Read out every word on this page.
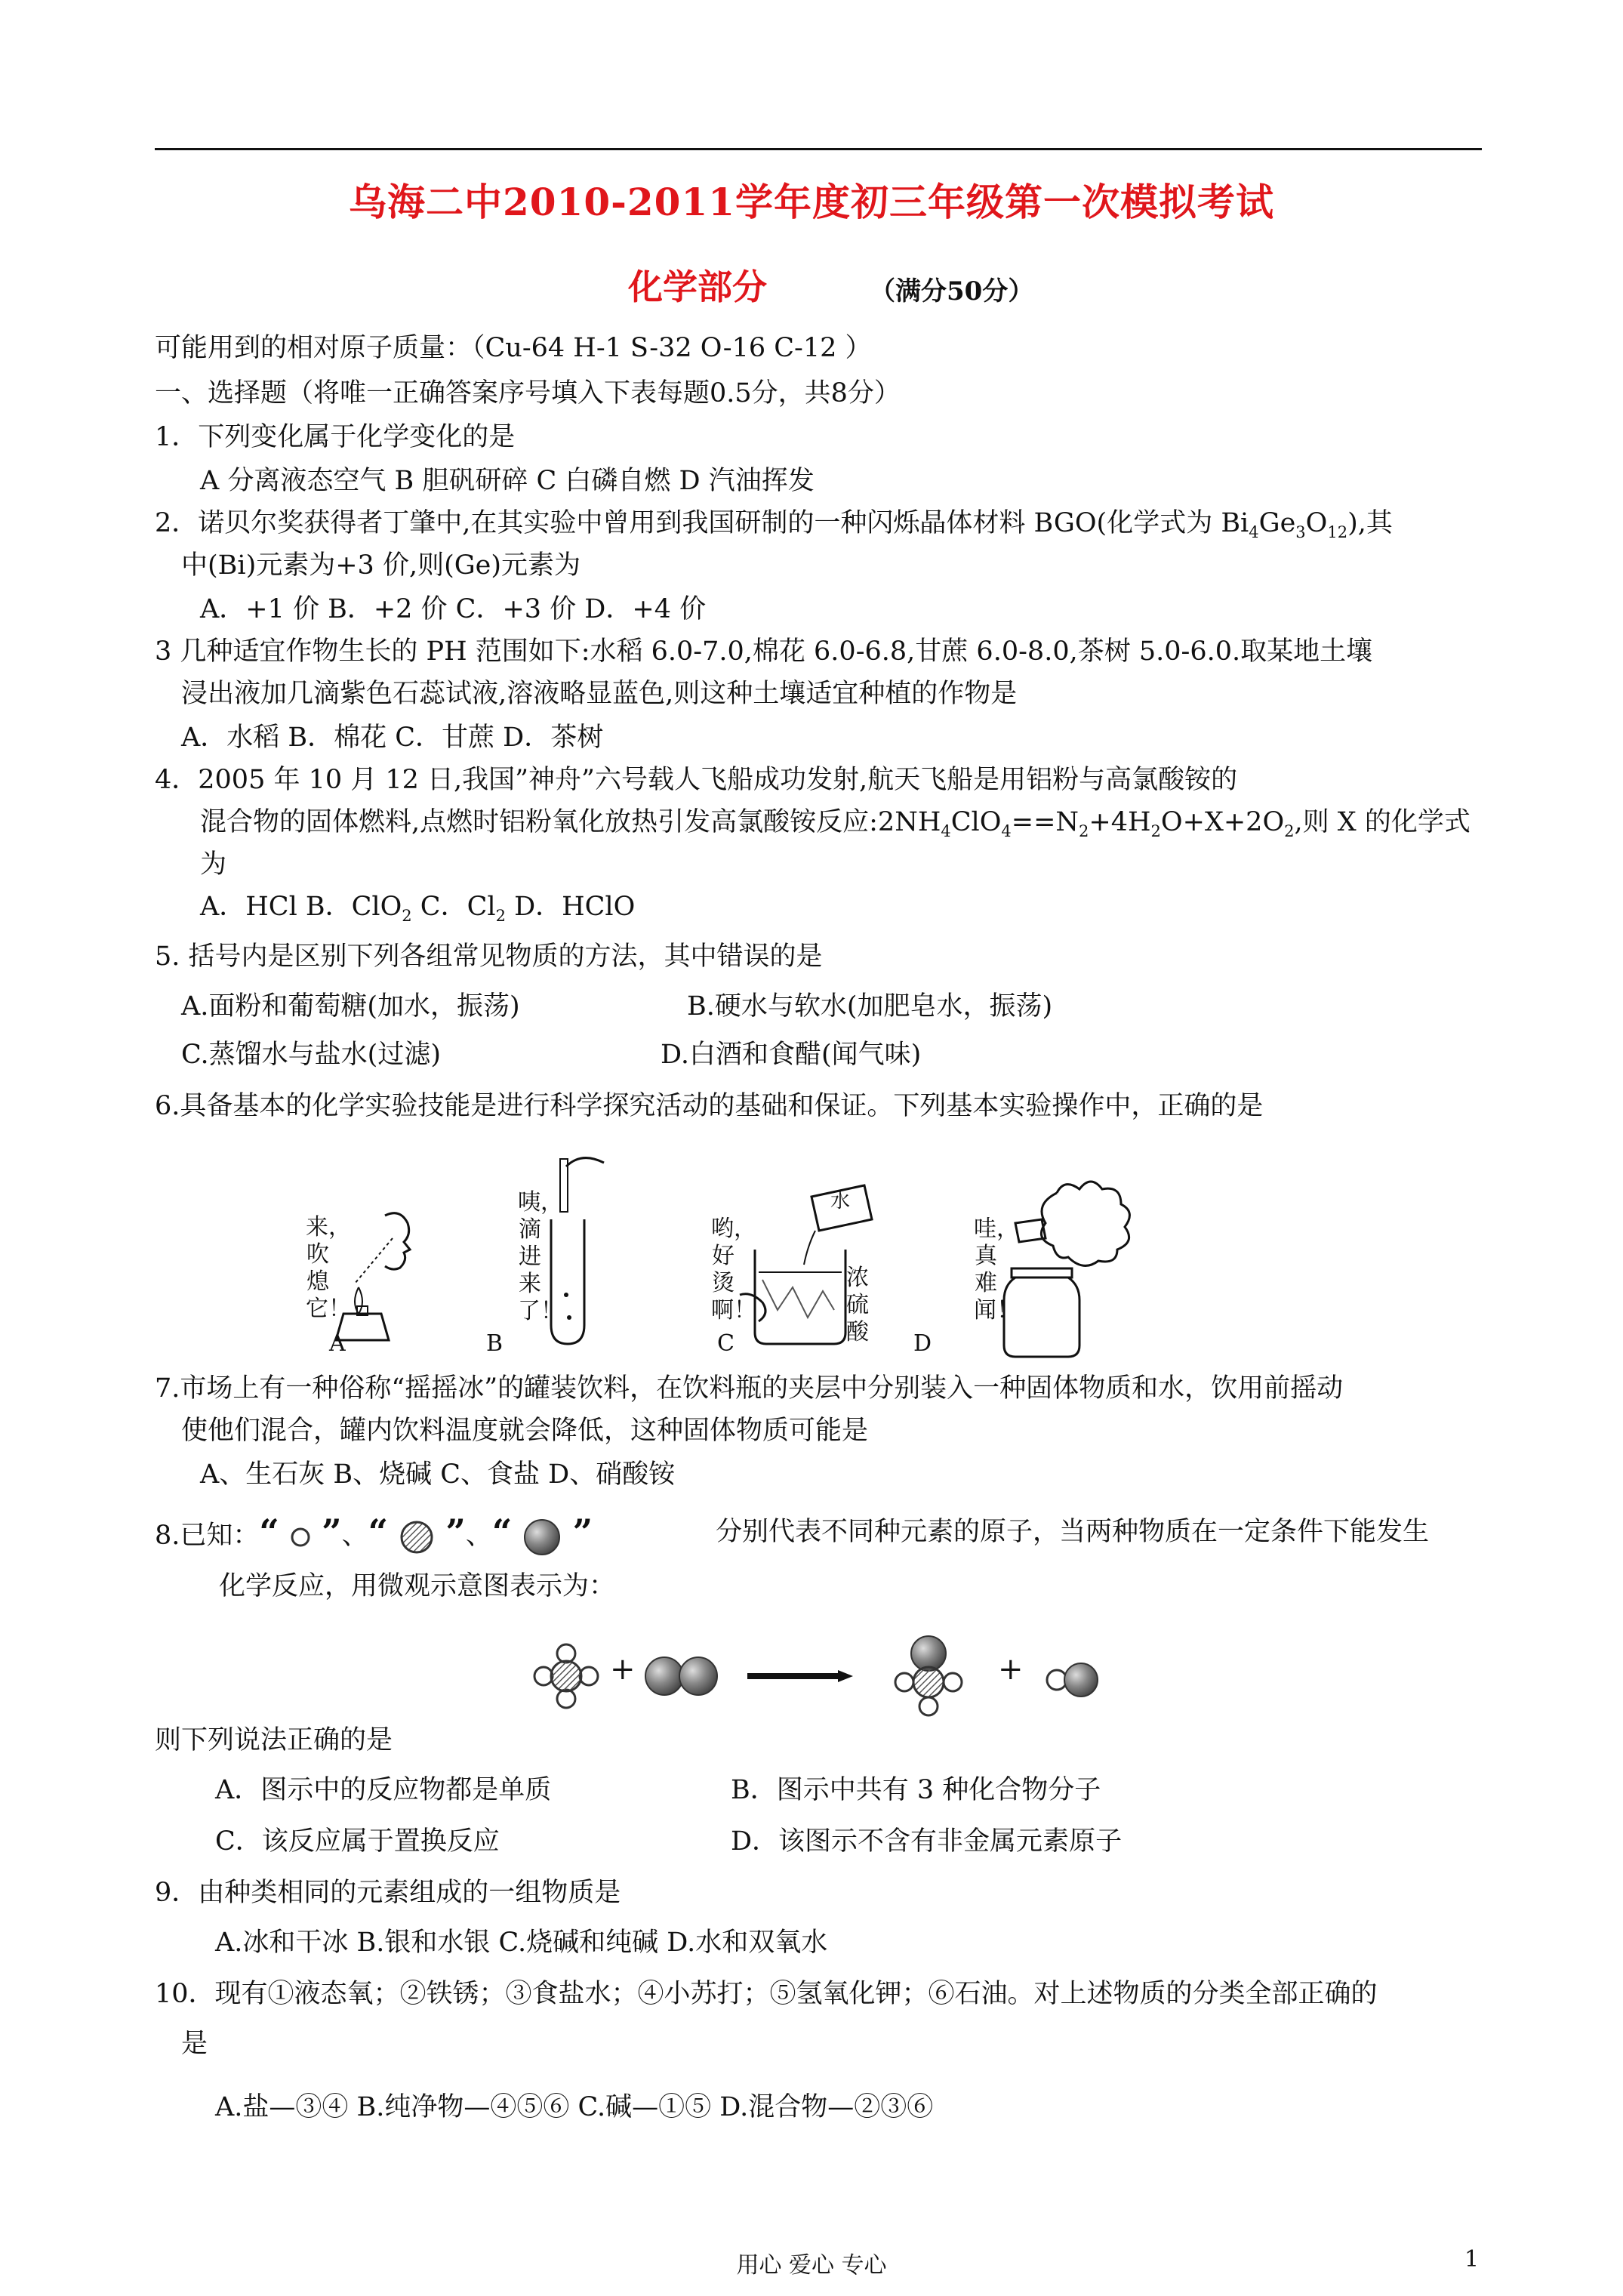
乌海二中2010-2011学年度初三年级第一次模拟考试
化学部分	（满分50分）
可能用到的相对原子质量：（Cu-64 H-1 S-32 O-16 C-12 ）
一、选择题（将唯一正确答案序号填入下表每题0.5分，共8分）
1．下列变化属于化学变化的是
A 分离液态空气 B 胆矾研碎 C 白磷自燃 D 汽油挥发
2．诺贝尔奖获得者丁肇中,在其实验中曾用到我国研制的一种闪烁晶体材料 BGO(化学式为 $Bi_4Ge_3O_{12}$),其
中(Bi)元素为+3 价,则(Ge)元素为
A．+1 价 B．+2 价 C．+3 价 D．+4 价
3 几种适宜作物生长的 PH 范围如下:水稻 6.0-7.0,棉花 6.0-6.8,甘蔗 6.0-8.0,茶树 5.0-6.0.取某地土壤
浸出液加几滴紫色石蕊试液,溶液略显蓝色,则这种土壤适宜种植的作物是
A．水稻 B．棉花 C．甘蔗 D．茶树
4．2005 年 10 月 12 日,我国”神舟”六号载人飞船成功发射,航天飞船是用铝粉与高氯酸铵的
混合物的固体燃料,点燃时铝粉氧化放热引发高氯酸铵反应$:2NH_4ClO_4==N_2+4H_2O+X+2O_2$,则 X 的化学式
为
A．HCl B．ClO$_2$ C．$Cl_2$ D．HClO
5. 括号内是区别下列各组常见物质的方法，其中错误的是
A.面粉和葡萄糖(加水，振荡)	B.硬水与软水(加肥皂水，振荡)
C.蒸馏水与盐水(过滤)	D.白酒和食醋(闻气味)
6.具备基本的化学实验技能是进行科学探究活动的基础和保证。下列基本实验操作中，正确的是
来，吹熄它！
A
咦，滴进来了！
B
哟，好烫啊！
水
浓硫酸
C
哇，真难闻！
D
7.市场上有一种俗称“摇摇冰”的罐装饮料，在饮料瓶的夹层中分别装入一种固体物质和水，饮用前摇动
使他们混合，罐内饮料温度就会降低，这种固体物质可能是
A、生石灰 B、烧碱 C、食盐 D、硝酸铵
8.已知：“ ”、“ ”、“ ”	分别代表不同种元素的原子，当两种物质在一定条件下能发生
化学反应，用微观示意图表示为：
+	+
则下列说法正确的是
A．图示中的反应物都是单质	B．图示中共有 3 种化合物分子
C．该反应属于置换反应	D．该图示不含有非金属元素原子
9．由种类相同的元素组成的一组物质是
A.冰和干冰 B.银和水银 C.烧碱和纯碱 D.水和双氧水
10．现有①液态氧；②铁锈；③食盐水；④小苏打；⑤氢氧化钾；⑥石油。对上述物质的分类全部正确的
是
A.盐—③④ B.纯净物—④⑤⑥ C.碱—①⑤ D.混合物—②③⑥
用心 爱心 专心	1
